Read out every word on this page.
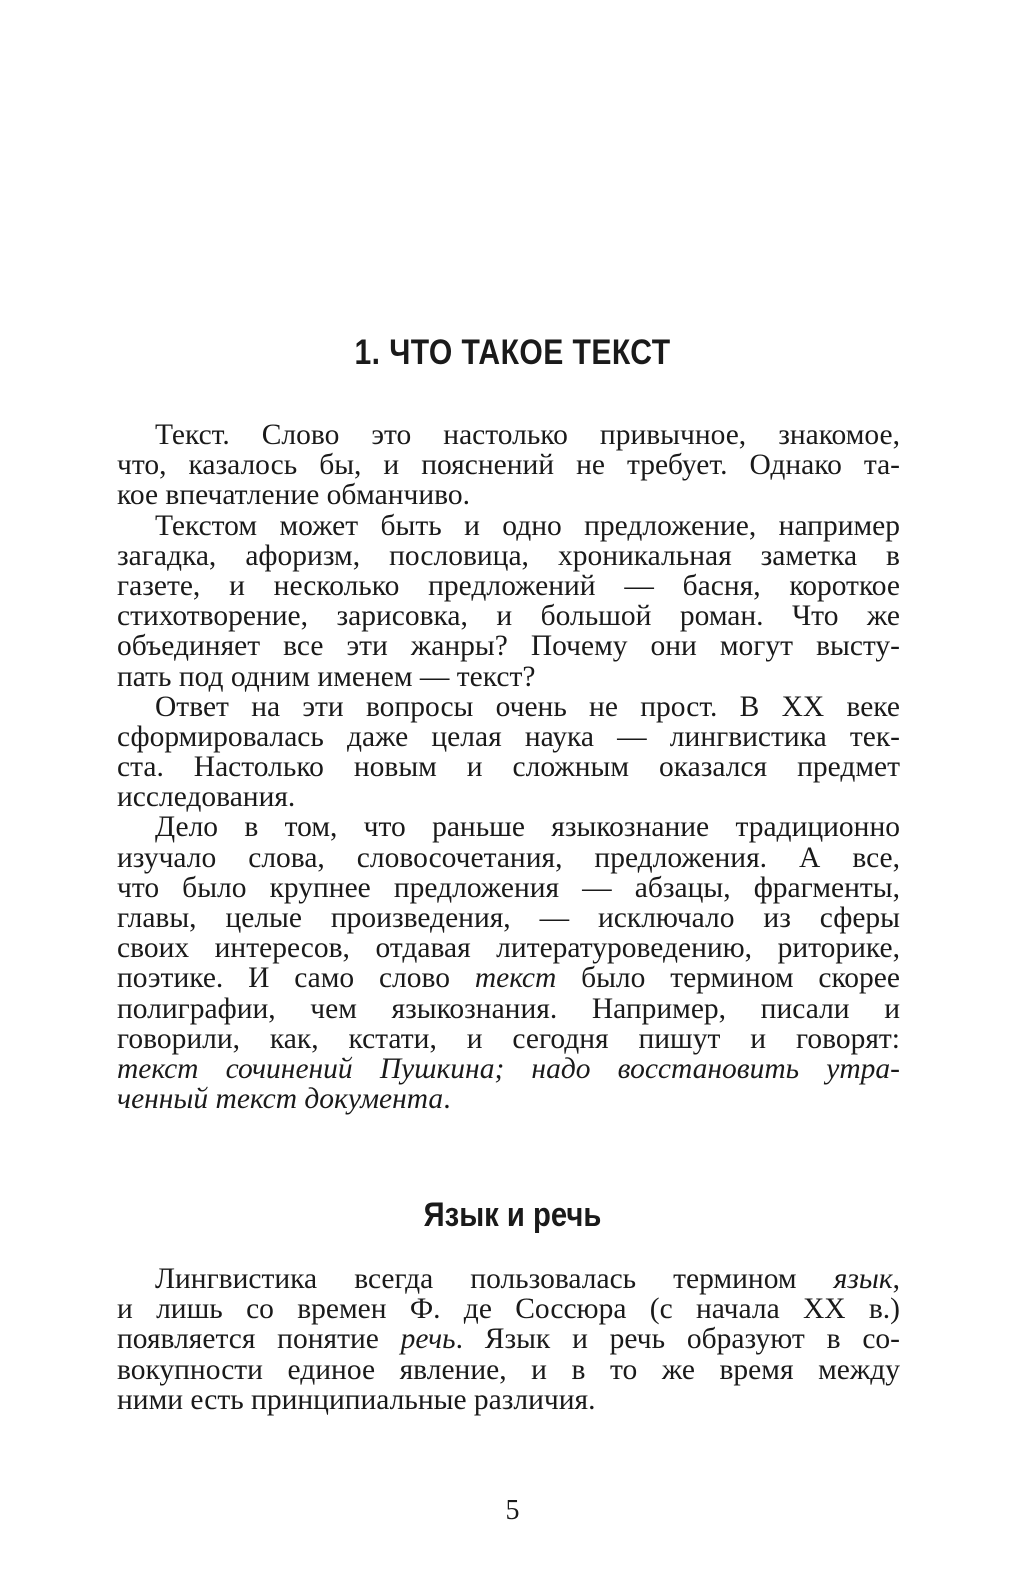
1. ЧТО ТАКОЕ ТЕКСТ
Текст. Слово это настолько привычное, знакомое,
что, казалось бы, и пояснений не требует. Однако та-
кое впечатление обманчиво.
Текстом может быть и одно предложение, например
загадка, афоризм, пословица, хроникальная заметка в
газете, и несколько предложений — басня, короткое
стихотворение, зарисовка, и большой роман. Что же
объединяет все эти жанры? Почему они могут высту-
пать под одним именем — текст?
Ответ на эти вопросы очень не прост. В XX веке
сформировалась даже целая наука — лингвистика тек-
ста. Настолько новым и сложным оказался предмет
исследования.
Дело в том, что раньше языкознание традиционно
изучало слова, словосочетания, предложения. А все,
что было крупнее предложения — абзацы, фрагменты,
главы, целые произведения, — исключало из сферы
своих интересов, отдавая литературоведению, риторике,
поэтике. И само слово текст было термином скорее
полиграфии, чем языкознания. Например, писали и
говорили, как, кстати, и сегодня пишут и говорят:
текст сочинений Пушкина; надо восстановить утра-
ченный текст документа.
Язык и речь
Лингвистика всегда пользовалась термином язык,
и лишь со времен Ф. де Соссюра (с начала XX в.)
появляется понятие речь. Язык и речь образуют в со-
вокупности единое явление, и в то же время между
ними есть принципиальные различия.
5
